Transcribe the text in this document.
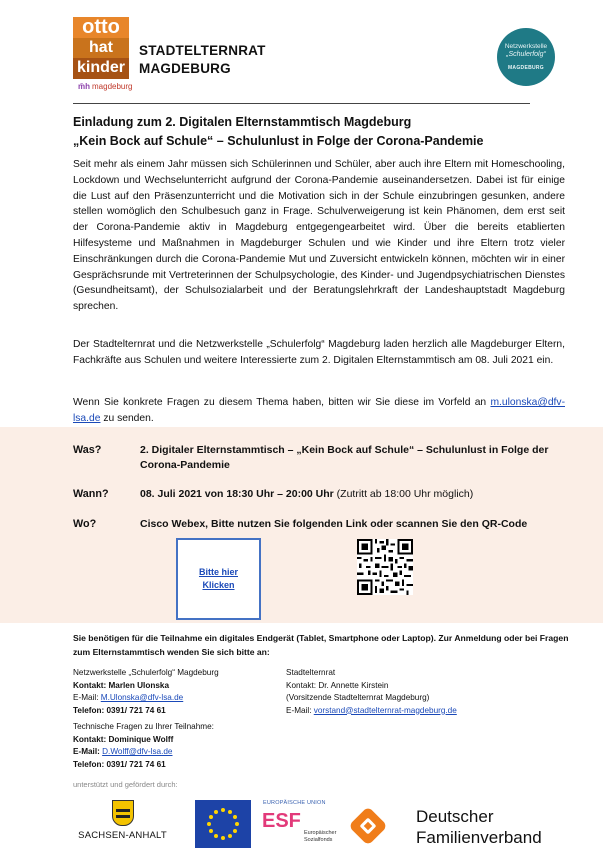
otto
hat
kinder
m̄h magdeburg
STADTELTERNRAT
MAGDEBURG
Netzwerkstelle
„Schulerfolg“
MAGDEBURG
Einladung zum 2. Digitalen Elternstammtisch Magdeburg
„Kein Bock auf Schule“ – Schulunlust in Folge der Corona-Pandemie
Seit mehr als einem Jahr müssen sich Schülerinnen und Schüler, aber auch ihre Eltern mit Homeschooling, Lockdown und Wechselunterricht aufgrund der Corona-Pandemie auseinandersetzen. Dabei ist für einige die Lust auf den Präsenzunterricht und die Motivation sich in der Schule einzubringen gesunken, andere stellen womöglich den Schulbesuch ganz in Frage. Schulverweigerung ist kein Phänomen, dem erst seit der Corona-Pandemie aktiv in Magdeburg entgegengearbeitet wird. Über die bereits etablierten Hilfesysteme und Maßnahmen in Magdeburger Schulen und wie Kinder und ihre Eltern trotz vieler Einschränkungen durch die Corona-Pandemie Mut und Zuversicht entwickeln können, möchten wir in einer Gesprächsrunde mit Vertreterinnen der Schulpsychologie, des Kinder- und Jugendpsychiatrischen Dienstes (Gesundheitsamt), der Schulsozialarbeit und der Beratungslehrkraft der Landeshauptstadt Magdeburg sprechen.
Der Stadtelternrat und die Netzwerkstelle „Schulerfolg“ Magdeburg laden herzlich alle Magdeburger Eltern, Fachkräfte aus Schulen und weitere Interessierte zum 2. Digitalen Elternstammtisch am 08. Juli 2021 ein.
Wenn Sie konkrete Fragen zu diesem Thema haben, bitten wir Sie diese im Vorfeld an m.ulonska@dfv-lsa.de zu senden.
Was?	2. Digitaler Elternstammtisch – „Kein Bock auf Schule“ – Schulunlust in Folge der Corona-Pandemie
Wann?	08. Juli 2021 von 18:30 Uhr – 20:00 Uhr (Zutritt ab 18:00 Uhr möglich)
Wo?	Cisco Webex, Bitte nutzen Sie folgenden Link oder scannen Sie den QR-Code
Bitte hier
Klicken
Sie benötigen für die Teilnahme ein digitales Endgerät (Tablet, Smartphone oder Laptop). Zur Anmeldung oder bei Fragen zum Elternstammtisch wenden Sie sich bitte an:
Netzwerkstelle „Schulerfolg“ Magdeburg
Kontakt: Marlen Ulonska
E-Mail: M.Ulonska@dfv-lsa.de
Telefon: 0391/ 721 74 61
Stadtelternrat
Kontakt: Dr. Annette Kirstein
(Vorsitzende Stadtelternrat Magdeburg)
E-Mail: vorstand@stadtelternrat-magdeburg.de
Technische Fragen zu Ihrer Teilnahme:
Kontakt: Dominique Wolff
E-Mail: D.Wolff@dfv-lsa.de
Telefon: 0391/ 721 74 61
unterstützt und gefördert durch:
SACHSEN-ANHALT
EUROPÄISCHE UNION
ESF
Europäischer
Sozialfonds
Deutscher
Familienverband
